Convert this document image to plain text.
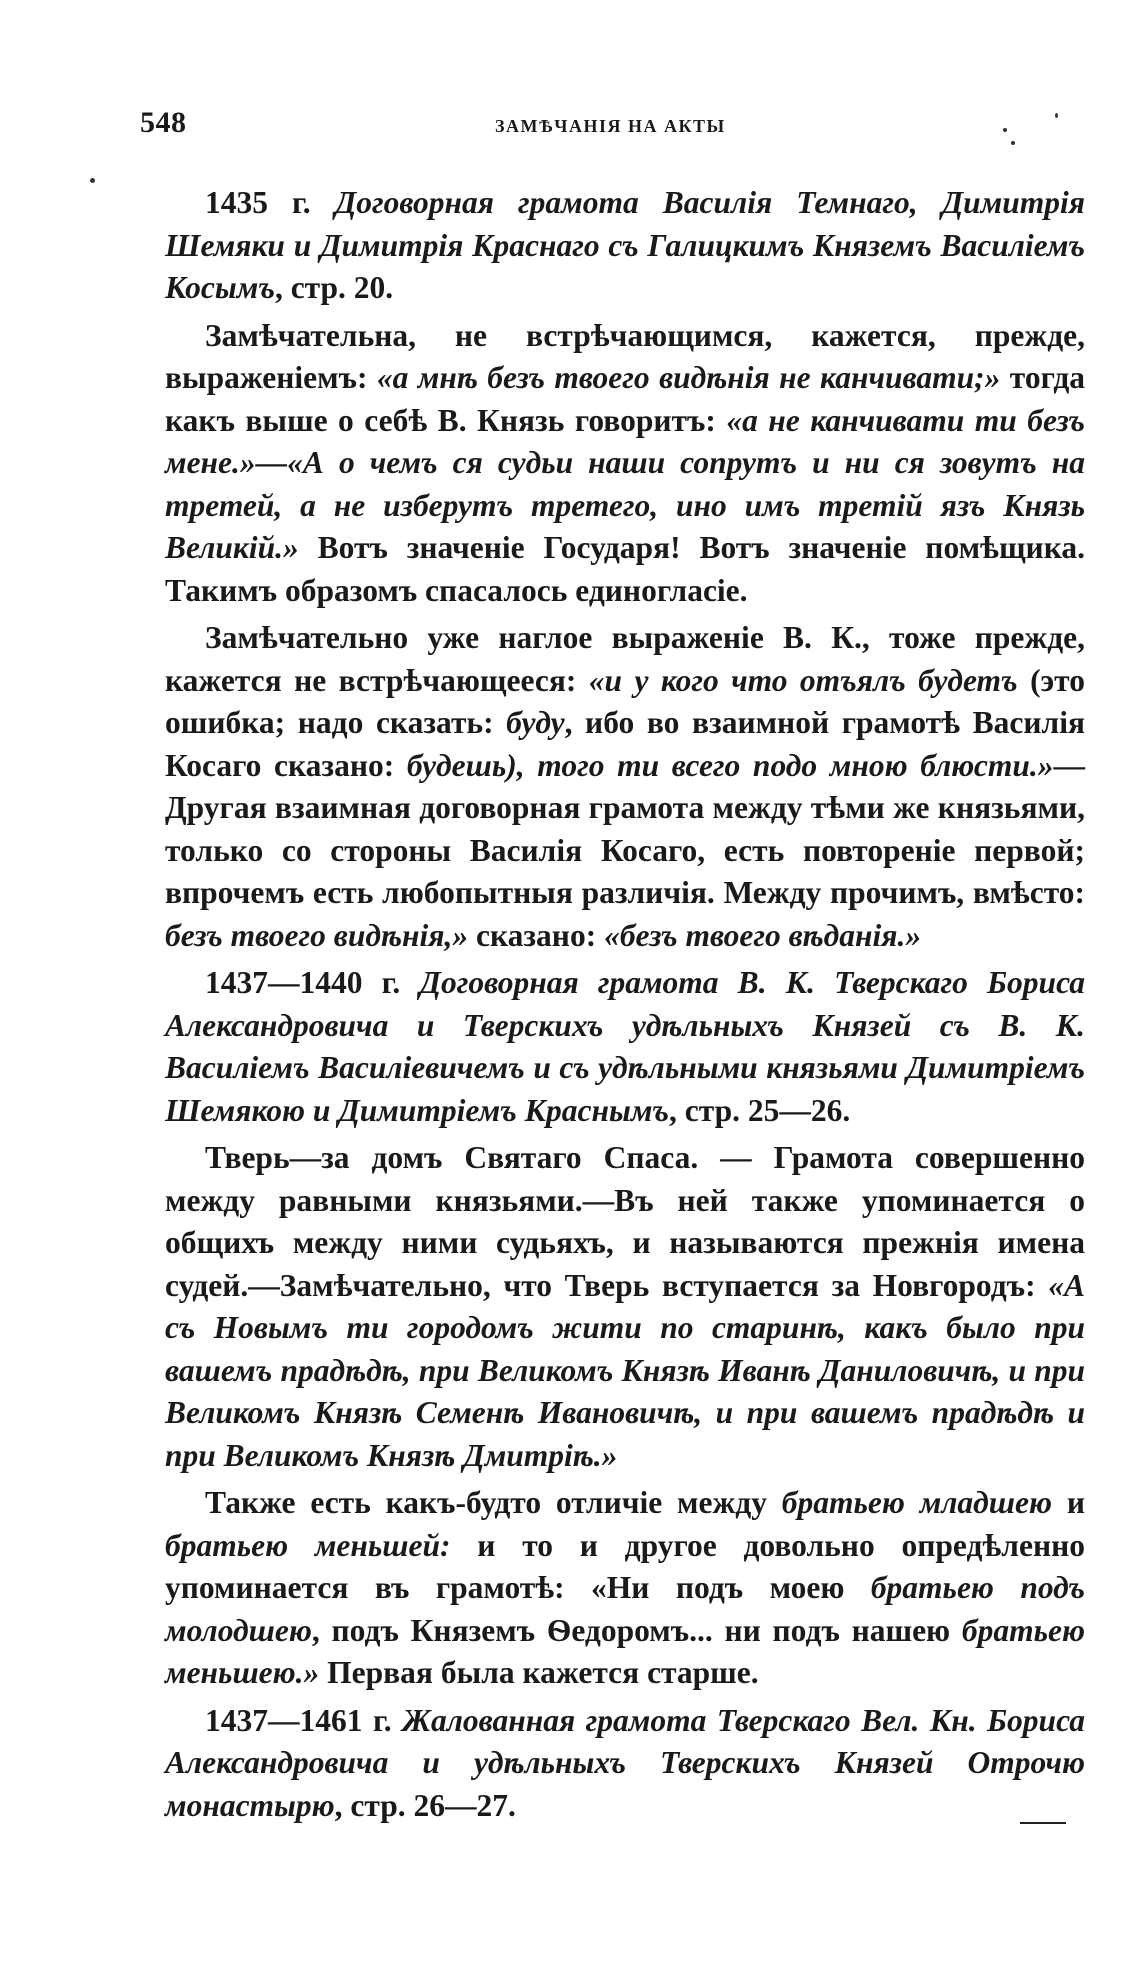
548	ЗАМѢЧАНІЯ НА АКТЫ

1435 г. Договорная грамота Василія Темнаго, Димитрія Шемяки и Димитрія Краснаго съ Галицкимъ Княземъ Василіемъ Косымъ, стр. 20.

Замѣчательна, не встрѣчающимся, кажется, прежде, выраженіемъ: «а мнѣ безъ твоего видѣнія не канчивати;» тогда какъ выше о себѣ В. Князь говоритъ: «а не канчивати ти безъ мене.»—«А о чемъ ся судьи наши сопрутъ и ни ся зовутъ на третей, а не изберутъ третего, ино имъ третій язъ Князь Великій.» Вотъ значеніе Государя! Вотъ значеніе помѣщика. Такимъ образомъ спасалось единогласіе.

Замѣчательно уже наглое выраженіе В. К., тоже прежде, кажется не встрѣчающееся: «и у кого что отъялъ будетъ (это ошибка; надо сказать: буду, ибо во взаимной грамотѣ Василія Косаго сказано: будешь), того ти всего подо мною блюсти.»— Другая взаимная договорная грамота между тѣми же князьями, только со стороны Василія Косаго, есть повтореніе первой; впрочемъ есть любопытныя различія. Между прочимъ, вмѣсто: безъ твоего видѣнія,» сказано: «безъ твоего вѣданія.»

1437—1440 г. Договорная грамота В. К. Тверскаго Бориса Александровича и Тверскихъ удѣльныхъ Князей съ В. К. Василіемъ Василіевичемъ и съ удѣльными князьями Димитріемъ Шемякою и Димитріемъ Краснымъ, стр. 25—26.

Тверь—за домъ Святаго Спаса. — Грамота совершенно между равными князьями.—Въ ней также упоминается о общихъ между ними судьяхъ, и называются прежнія имена судей.—Замѣчательно, что Тверь вступается за Новгородъ: «А съ Новымъ ти городомъ жити по старинѣ, какъ было при вашемъ прадѣдѣ, при Великомъ Князѣ Иванѣ Даниловичѣ, и при Великомъ Князѣ Семенѣ Ивановичѣ, и при вашемъ прадѣдѣ и при Великомъ Князѣ Дмитріѣ.»

Также есть какъ-будто отличіе между братьею младшею и братьею меньшей: и то и другое довольно опредѣленно упоминается въ грамотѣ: «Ни подъ моею братьею подъ молодшею, подъ Княземъ Ѳедоромъ... ни подъ нашею братьею меньшею.» Первая была кажется старше.

1437—1461 г. Жалованная грамота Тверскаго Вел. Кн. Бориса Александровича и удѣльныхъ Тверскихъ Князей Отрочю монастырю, стр. 26—27.
